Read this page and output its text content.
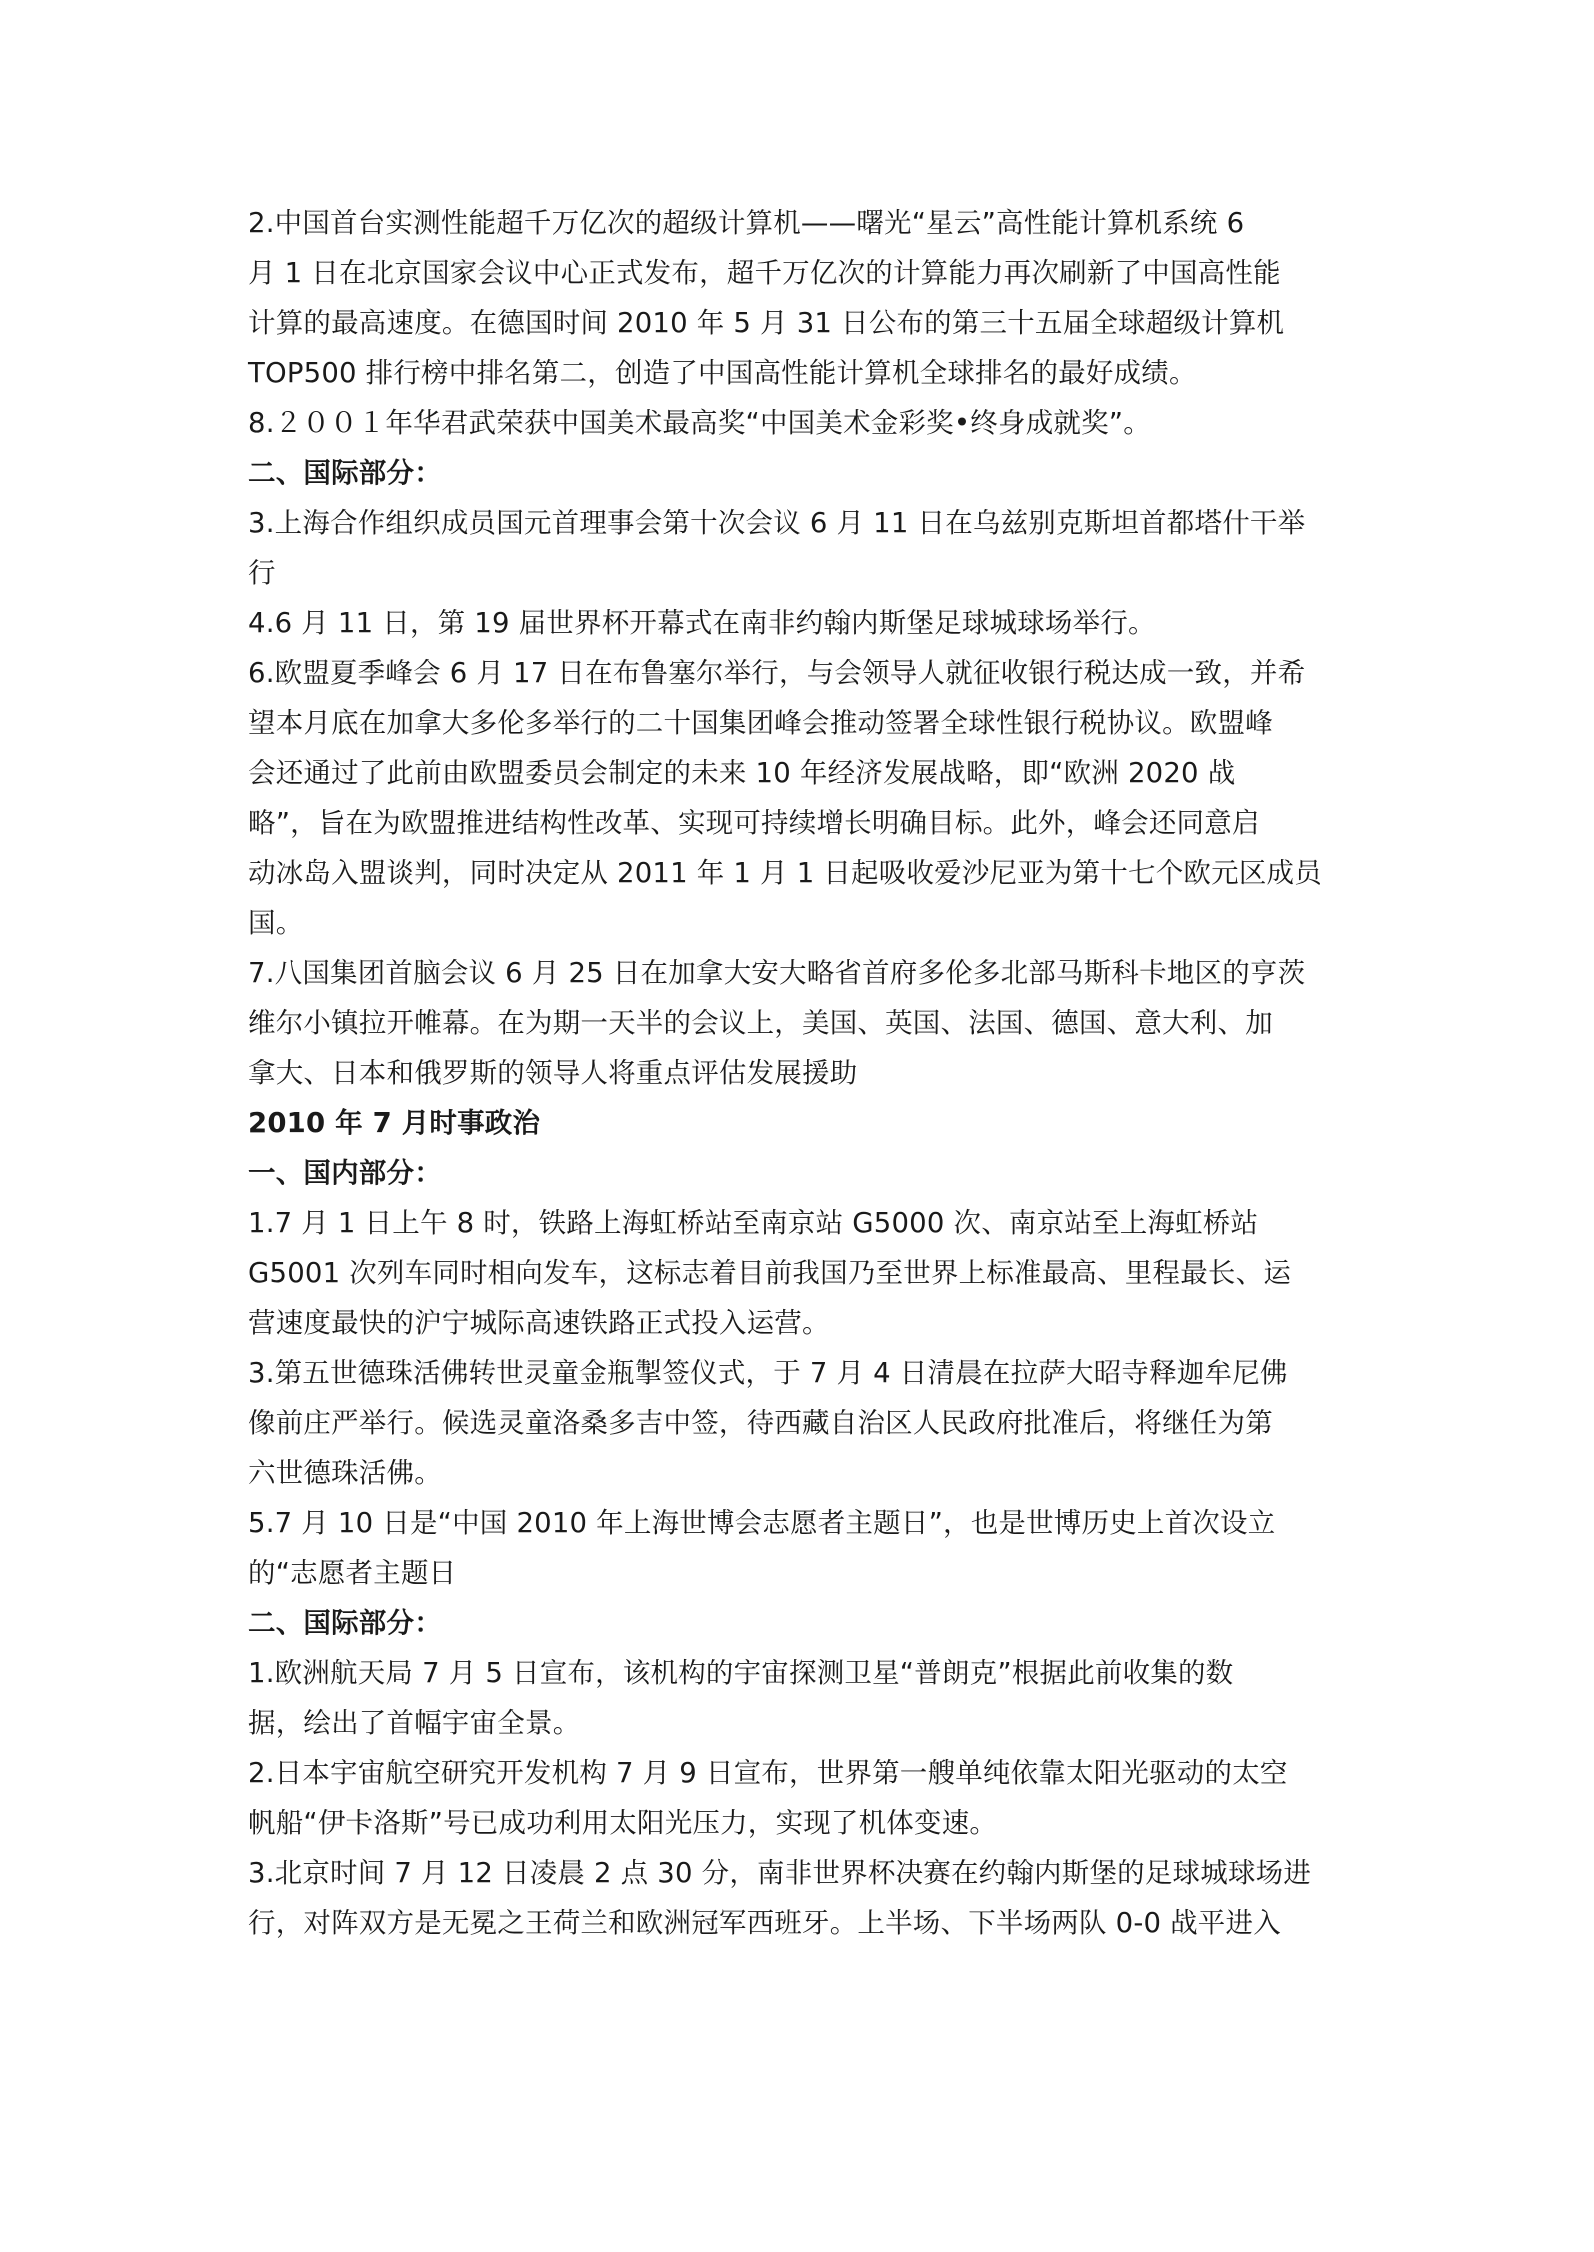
2.中国首台实测性能超千万亿次的超级计算机——曙光“星云”高性能计算机系统 6
月 1 日在北京国家会议中心正式发布，超千万亿次的计算能力再次刷新了中国高性能
计算的最高速度。在德国时间 2010 年 5 月 31 日公布的第三十五届全球超级计算机
TOP500 排行榜中排名第二，创造了中国高性能计算机全球排名的最好成绩。

8.２００１年华君武荣获中国美术最高奖“中国美术金彩奖•终身成就奖”。

二、国际部分：

3.上海合作组织成员国元首理事会第十次会议 6 月 11 日在乌兹别克斯坦首都塔什干举
行

4.6 月 11 日，第 19 届世界杯开幕式在南非约翰内斯堡足球城球场举行。

6.欧盟夏季峰会 6 月 17 日在布鲁塞尔举行，与会领导人就征收银行税达成一致，并希
望本月底在加拿大多伦多举行的二十国集团峰会推动签署全球性银行税协议。欧盟峰
会还通过了此前由欧盟委员会制定的未来 10 年经济发展战略，即“欧洲 2020 战
略”，旨在为欧盟推进结构性改革、实现可持续增长明确目标。此外，峰会还同意启
动冰岛入盟谈判，同时决定从 2011 年 1 月 1 日起吸收爱沙尼亚为第十七个欧元区成员
国。

7.八国集团首脑会议 6 月 25 日在加拿大安大略省首府多伦多北部马斯科卡地区的亨茨
维尔小镇拉开帷幕。在为期一天半的会议上，美国、英国、法国、德国、意大利、加
拿大、日本和俄罗斯的领导人将重点评估发展援助

2010 年 7 月时事政治

一、国内部分：

1.7 月 1 日上午 8 时，铁路上海虹桥站至南京站 G5000 次、南京站至上海虹桥站
G5001 次列车同时相向发车，这标志着目前我国乃至世界上标准最高、里程最长、运
营速度最快的沪宁城际高速铁路正式投入运营。

3.第五世德珠活佛转世灵童金瓶掣签仪式，于 7 月 4 日清晨在拉萨大昭寺释迦牟尼佛
像前庄严举行。候选灵童洛桑多吉中签，待西藏自治区人民政府批准后，将继任为第
六世德珠活佛。

5.7 月 10 日是“中国 2010 年上海世博会志愿者主题日”，也是世博历史上首次设立
的“志愿者主题日

二、国际部分：

1.欧洲航天局 7 月 5 日宣布，该机构的宇宙探测卫星“普朗克”根据此前收集的数
据，绘出了首幅宇宙全景。

2.日本宇宙航空研究开发机构 7 月 9 日宣布，世界第一艘单纯依靠太阳光驱动的太空
帆船“伊卡洛斯”号已成功利用太阳光压力，实现了机体变速。

3.北京时间 7 月 12 日凌晨 2 点 30 分，南非世界杯决赛在约翰内斯堡的足球城球场进
行，对阵双方是无冕之王荷兰和欧洲冠军西班牙。上半场、下半场两队 0-0 战平进入
